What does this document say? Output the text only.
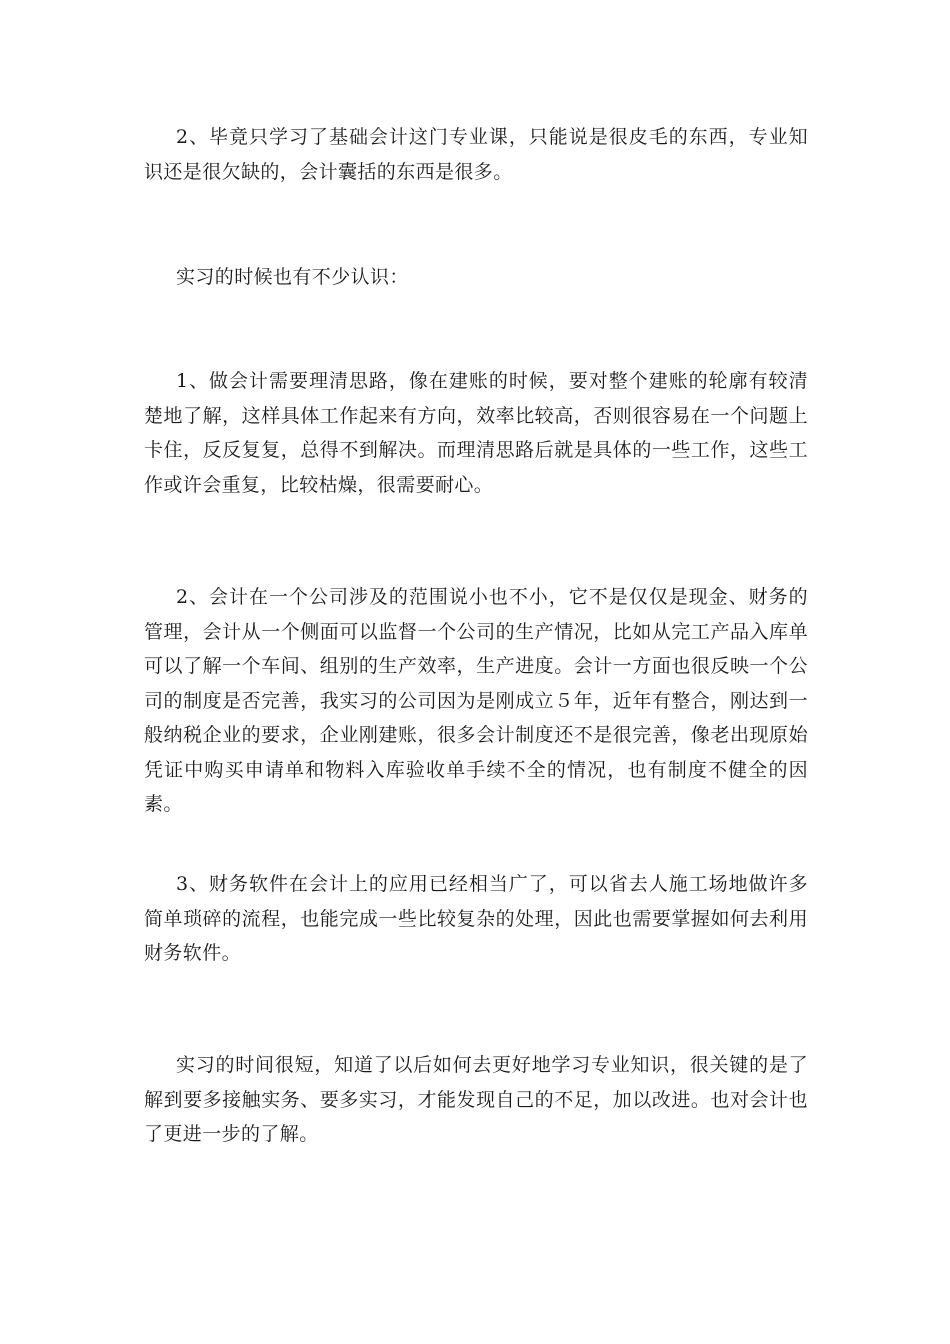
2、毕竟只学习了基础会计这门专业课，只能说是很皮毛的东西，专业知识还是很欠缺的，会计囊括的东西是很多。

实习的时候也有不少认识：

1、做会计需要理清思路，像在建账的时候，要对整个建账的轮廓有较清楚地了解，这样具体工作起来有方向，效率比较高，否则很容易在一个问题上卡住，反反复复，总得不到解决。而理清思路后就是具体的一些工作，这些工作或许会重复，比较枯燥，很需要耐心。

2、会计在一个公司涉及的范围说小也不小，它不是仅仅是现金、财务的管理，会计从一个侧面可以监督一个公司的生产情况，比如从完工产品入库单可以了解一个车间、组别的生产效率，生产进度。会计一方面也很反映一个公司的制度是否完善，我实习的公司因为是刚成立５年，近年有整合，刚达到一般纳税企业的要求，企业刚建账，很多会计制度还不是很完善，像老出现原始凭证中购买申请单和物料入库验收单手续不全的情况，也有制度不健全的因素。

3、财务软件在会计上的应用已经相当广了，可以省去人施工场地做许多简单琐碎的流程，也能完成一些比较复杂的处理，因此也需要掌握如何去利用财务软件。

实习的时间很短，知道了以后如何去更好地学习专业知识，很关键的是了解到要多接触实务、要多实习，才能发现自己的不足，加以改进。也对会计也了更进一步的了解。
